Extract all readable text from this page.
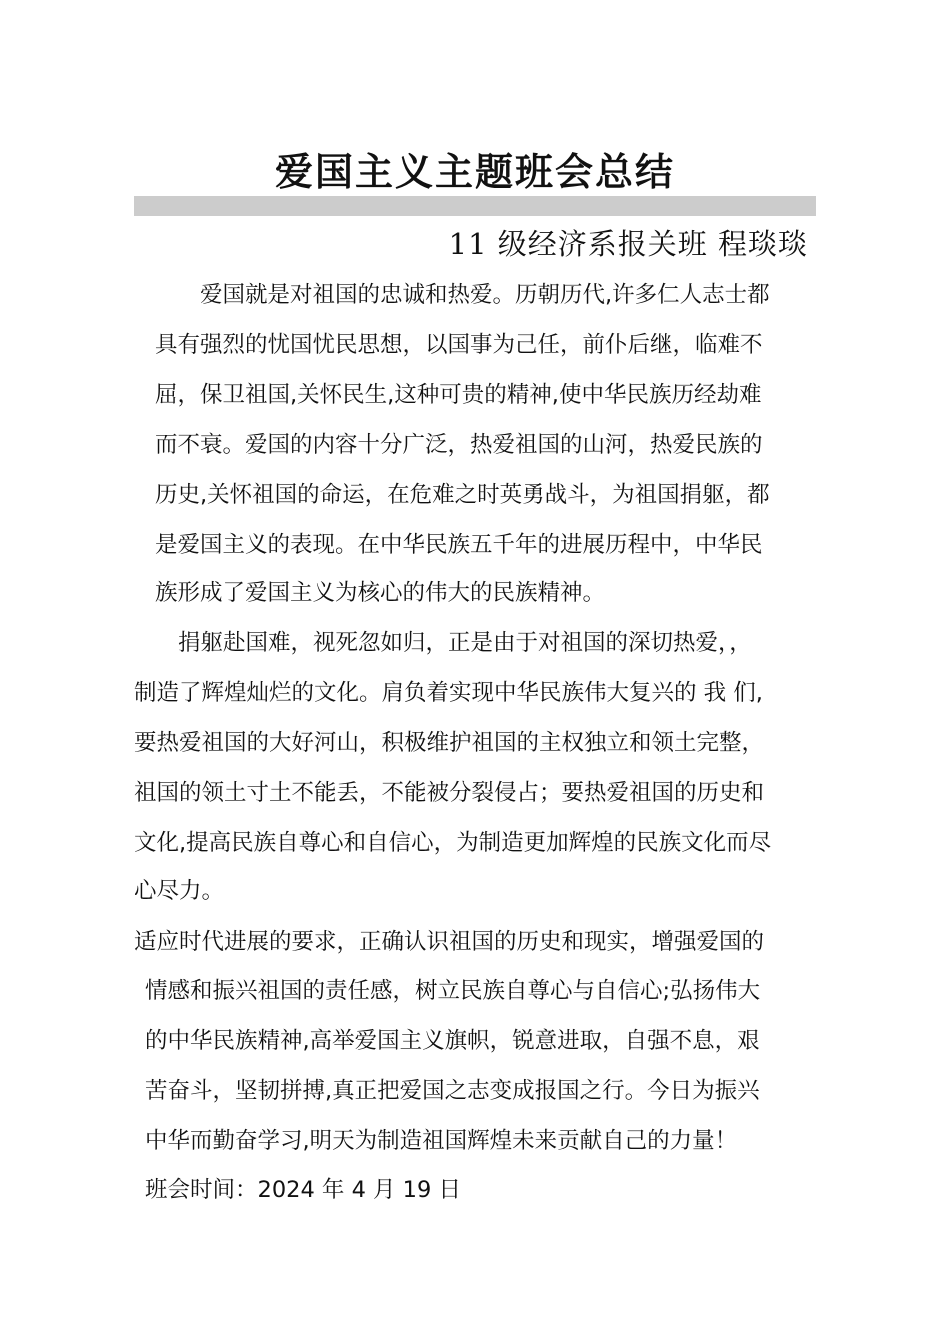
爱国主义主题班会总结
11 级经济系报关班 程琰琰
爱国就是对祖国的忠诚和热爱。历朝历代,许多仁人志士都
具有强烈的忧国忧民思想，以国事为己任，前仆后继，临难不
屈，保卫祖国,关怀民生,这种可贵的精神,使中华民族历经劫难
而不衰。爱国的内容十分广泛，热爱祖国的山河，热爱民族的
历史,关怀祖国的命运，在危难之时英勇战斗，为祖国捐躯，都
是爱国主义的表现。在中华民族五千年的进展历程中，中华民
族形成了爱国主义为核心的伟大的民族精神。
捐躯赴国难，视死忽如归，正是由于对祖国的深切热爱，，
制造了辉煌灿烂的文化。肩负着实现中华民族伟大复兴的 我 们,
要热爱祖国的大好河山，积极维护祖国的主权独立和领土完整，
祖国的领土寸土不能丢，不能被分裂侵占；要热爱祖国的历史和
文化,提高民族自尊心和自信心，为制造更加辉煌的民族文化而尽
心尽力。
适应时代进展的要求，正确认识祖国的历史和现实，增强爱国的
情感和振兴祖国的责任感，树立民族自尊心与自信心;弘扬伟大
的中华民族精神,高举爱国主义旗帜，锐意进取，自强不息，艰
苦奋斗，坚韧拼搏,真正把爱国之志变成报国之行。今日为振兴
中华而勤奋学习,明天为制造祖国辉煌未来贡献自己的力量！
班会时间：2024 年 4 月 19 日
